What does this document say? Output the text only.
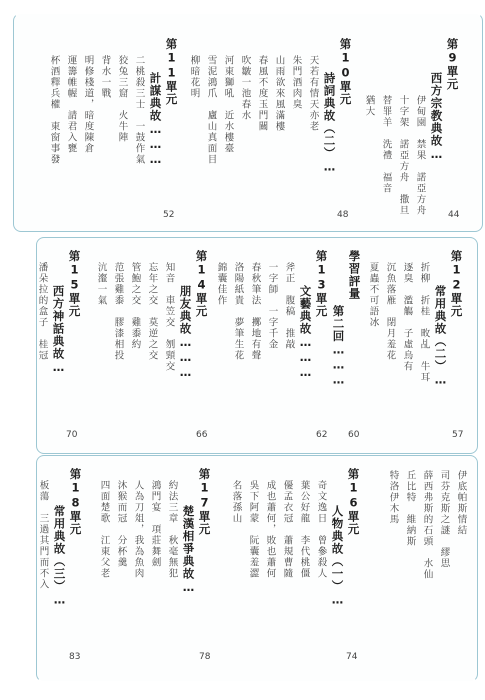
第9單元
西方宗教典故…
44
伊甸園　禁果　諾亞方舟
十字架　諾亞方舟　撒旦
替罪羊　洗禮　福音
猶大
第10單元
詩詞典故（二）…
48
天若有情天亦老
朱門酒肉臭
山雨欲來風滿樓
春風不度玉門關
吹皺一池春水
河東獅吼　近水樓臺
雪泥鴻爪　廬山真面目
柳暗花明
第11單元
計謀典故………
52
二桃殺三士　一鼓作氣
狡兔三窟　火牛陣
背水一戰
明修棧道，暗度陳倉
運籌帷幄　請君入甕
杯酒釋兵權　東窗事發
第12單元
常用典故（二）…
57
折柳　折桂　畋乩　牛耳
逐臭　濫觴　子虛烏有
沉魚落雁　閉月羞花
夏蟲不可語冰
學習評量
第二回………
60
第13單元
文藝典故………
62
斧正　腹稿　推敲
一字師　一字千金
春秋筆法　擲地有聲
洛陽紙貴　夢筆生花
錦囊佳作
第14單元
朋友典故………
66
知音　車笠交　刎頸交
忘年之交　莫逆之交
管鮑之交　雞黍約
范張雞黍　膠漆相投
沆瀣一氣
第15單元
西方神話典故…
70
潘朵拉的盒子　桂冠
第16單元
人物典故（一）…
74
奇文逸日　曾參殺人
葉公好龍　李代桃僵
優孟衣冠　蕭規曹隨
成也蕭何，敗也蕭何
吳下阿蒙　阮囊羞澀
名落孫山
第17單元
楚漢相爭典故…
78
約法三章　秋毫無犯
鴻門宴　項莊舞劍
人為刀俎，我為魚肉
沐猴而冠　分杯羹
四面楚歌　江東父老
第18單元
常用典故（三）…
83
板蕩　三過其門而不入	伊底帕斯情結
司芬克斯之謎　繆思
薛西弗斯的石頭　水仙
丘比特　維納斯
特洛伊木馬
